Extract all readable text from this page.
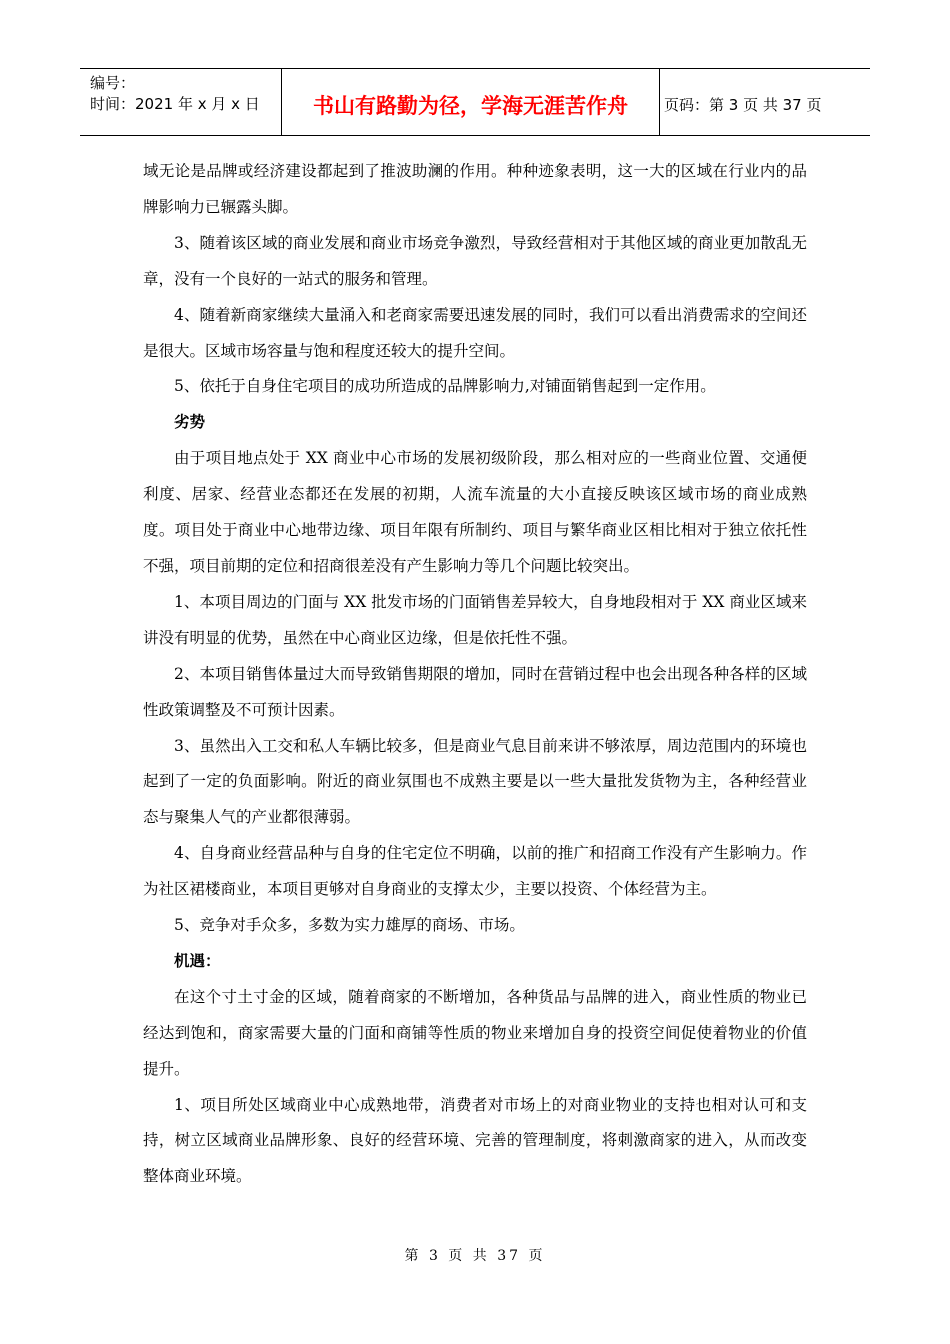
编号：
时间：2021 年 x 月 x 日	书山有路勤为径，学海无涯苦作舟	页码：第 3 页 共 37 页

域无论是品牌或经济建设都起到了推波助澜的作用。种种迹象表明，这一大的区域在行业内的品牌影响力已辗露头脚。

3、随着该区域的商业发展和商业市场竞争激烈，导致经营相对于其他区域的商业更加散乱无章，没有一个良好的一站式的服务和管理。

4、随着新商家继续大量涌入和老商家需要迅速发展的同时，我们可以看出消费需求的空间还是很大。区域市场容量与饱和程度还较大的提升空间。

5、依托于自身住宅项目的成功所造成的品牌影响力,对铺面销售起到一定作用。

劣势

由于项目地点处于 XX 商业中心市场的发展初级阶段，那么相对应的一些商业位置、交通便利度、居家、经营业态都还在发展的初期，人流车流量的大小直接反映该区域市场的商业成熟度。项目处于商业中心地带边缘、项目年限有所制约、项目与繁华商业区相比相对于独立依托性不强，项目前期的定位和招商很差没有产生影响力等几个问题比较突出。

1、本项目周边的门面与 XX 批发市场的门面销售差异较大，自身地段相对于 XX 商业区域来讲没有明显的优势，虽然在中心商业区边缘，但是依托性不强。

2、本项目销售体量过大而导致销售期限的增加，同时在营销过程中也会出现各种各样的区域性政策调整及不可预计因素。

3、虽然出入工交和私人车辆比较多，但是商业气息目前来讲不够浓厚，周边范围内的环境也起到了一定的负面影响。附近的商业氛围也不成熟主要是以一些大量批发货物为主，各种经营业态与聚集人气的产业都很薄弱。

4、自身商业经营品种与自身的住宅定位不明确，以前的推广和招商工作没有产生影响力。作为社区裙楼商业，本项目更够对自身商业的支撑太少，主要以投资、个体经营为主。

5、竞争对手众多，多数为实力雄厚的商场、市场。

机遇：

在这个寸土寸金的区域，随着商家的不断增加，各种货品与品牌的进入，商业性质的物业已经达到饱和，商家需要大量的门面和商铺等性质的物业来增加自身的投资空间促使着物业的价值提升。

1、项目所处区域商业中心成熟地带，消费者对市场上的对商业物业的支持也相对认可和支持，树立区域商业品牌形象、良好的经营环境、完善的管理制度，将刺激商家的进入，从而改变整体商业环境。

第 3 页 共 37 页
